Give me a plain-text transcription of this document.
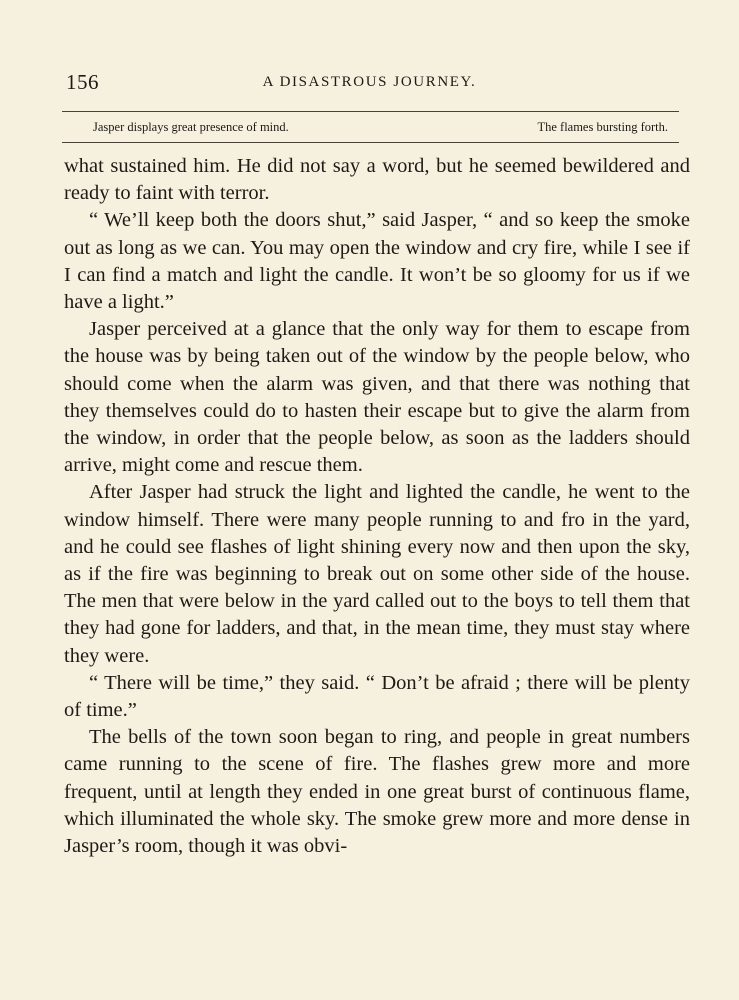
156	A DISASTROUS JOURNEY.
Jasper displays great presence of mind.	The flames bursting forth.

what sustained him. He did not say a word, but he seemed bewildered and ready to faint with terror.

“ We’ll keep both the doors shut,” said Jasper, “ and so keep the smoke out as long as we can. You may open the window and cry fire, while I see if I can find a match and light the candle. It won’t be so gloomy for us if we have a light.”

Jasper perceived at a glance that the only way for them to escape from the house was by being taken out of the window by the people below, who should come when the alarm was given, and that there was nothing that they themselves could do to hasten their escape but to give the alarm from the window, in order that the people below, as soon as the ladders should arrive, might come and rescue them.

After Jasper had struck the light and lighted the candle, he went to the window himself. There were many people running to and fro in the yard, and he could see flashes of light shining every now and then upon the sky, as if the fire was beginning to break out on some other side of the house. The men that were below in the yard called out to the boys to tell them that they had gone for ladders, and that, in the mean time, they must stay where they were.

“ There will be time,” they said. “ Don’t be afraid ; there will be plenty of time.”

The bells of the town soon began to ring, and people in great numbers came running to the scene of fire. The flashes grew more and more frequent, until at length they ended in one great burst of continuous flame, which illuminated the whole sky. The smoke grew more and more dense in Jasper’s room, though it was obvi-
